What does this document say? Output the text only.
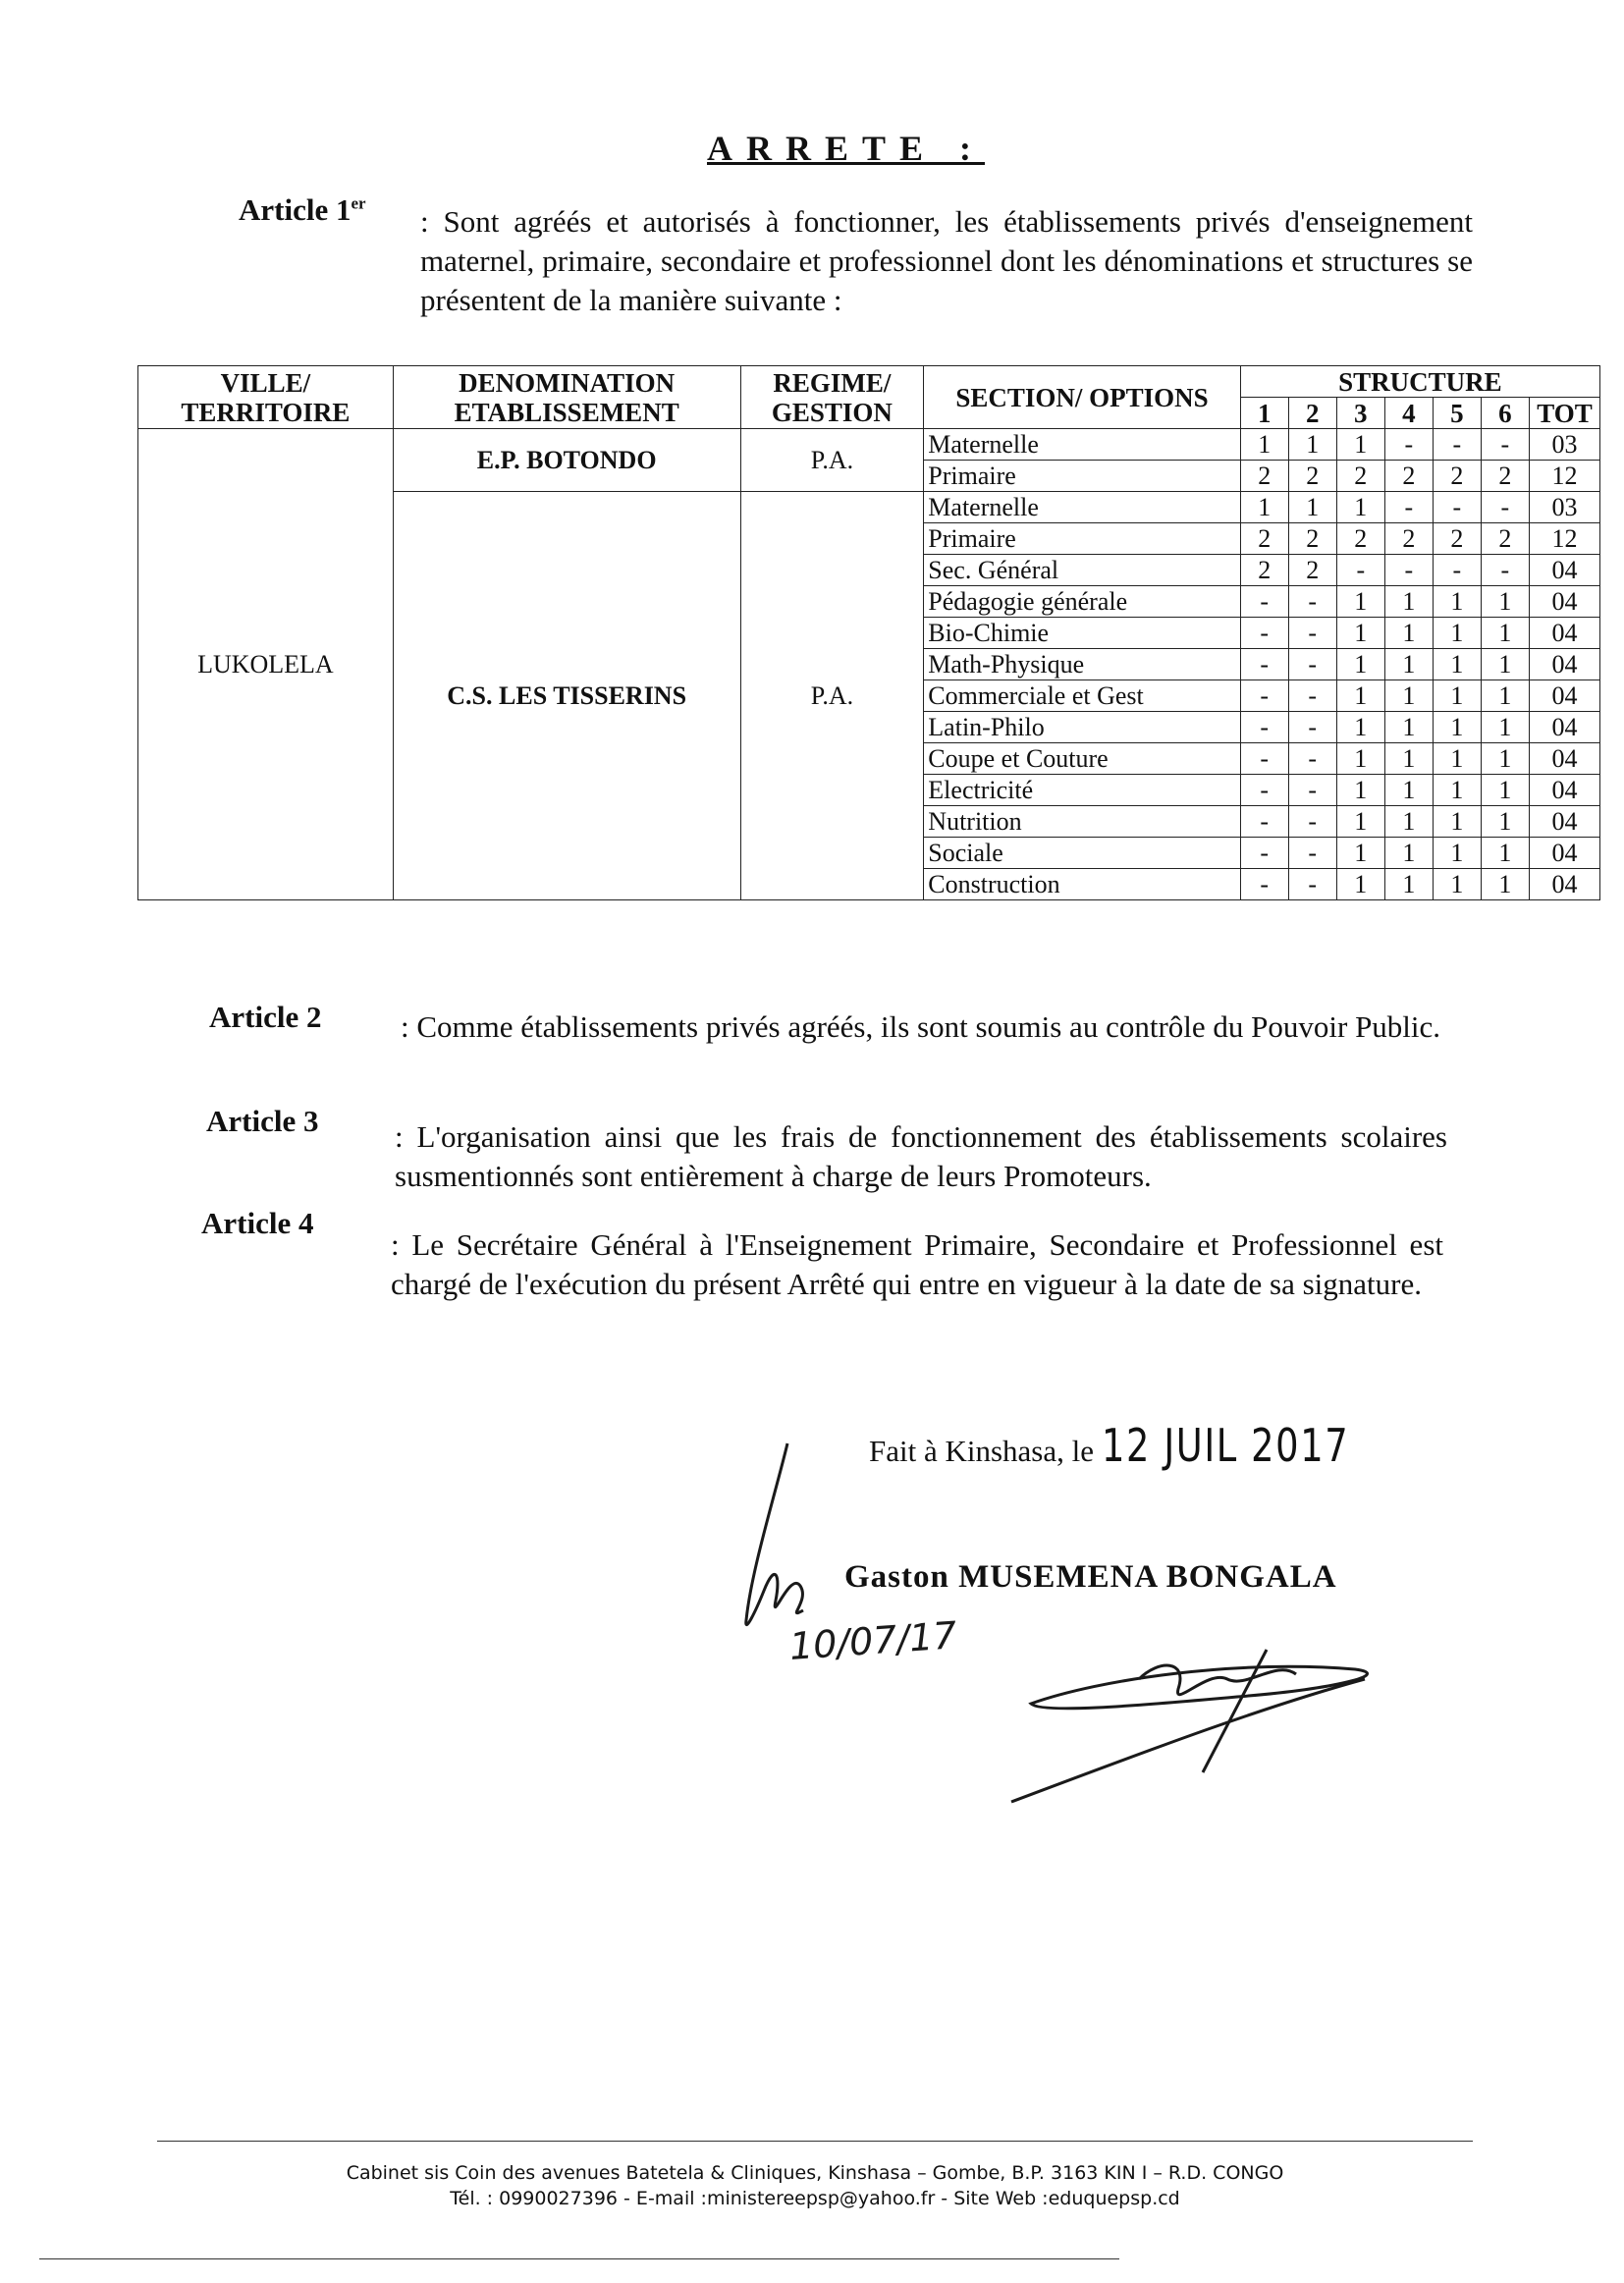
ARRETE :
Article 1er
: Sont agréés et autorisés à fonctionner, les établissements privés d'enseignement maternel, primaire, secondaire et professionnel dont les dénominations et structures se présentent de la manière suivante :
VILLE/ TERRITOIRE	DENOMINATION ETABLISSEMENT	REGIME/ GESTION	SECTION/ OPTIONS	STRUCTURE						
				1	2	3	4	5	6	TOT
LUKOLELA	E.P. BOTONDO	P.A.	Maternelle	1	1	1	-	-	-	03
			Primaire	2	2	2	2	2	2	12
	C.S. LES TISSERINS	P.A.	Maternelle	1	1	1	-	-	-	03
			Primaire	2	2	2	2	2	2	12
			Sec. Général	2	2	-	-	-	-	04
			Pédagogie générale	-	-	1	1	1	1	04
			Bio-Chimie	-	-	1	1	1	1	04
			Math-Physique	-	-	1	1	1	1	04
			Commerciale et Gest	-	-	1	1	1	1	04
			Latin-Philo	-	-	1	1	1	1	04
			Coupe et Couture	-	-	1	1	1	1	04
			Electricité	-	-	1	1	1	1	04
			Nutrition	-	-	1	1	1	1	04
			Sociale	-	-	1	1	1	1	04
			Construction	-	-	1	1	1	1	04
Article 2	: Comme établissements privés agréés, ils sont soumis au contrôle du Pouvoir Public.
Article 3	: L'organisation ainsi que les frais de fonctionnement des établissements scolaires susmentionnés sont entièrement à charge de leurs Promoteurs.
Article 4
: Le Secrétaire Général à l'Enseignement Primaire, Secondaire et Professionnel est chargé de l'exécution du présent Arrêté qui entre en vigueur à la date de sa signature.
Fait à Kinshasa, le 12 JUIL 2017
Gaston MUSEMENA BONGALA
10/07/17
Cabinet sis Coin des avenues Batetela & Cliniques, Kinshasa – Gombe, B.P. 3163 KIN I – R.D. CONGO
Tél. : 0990027396 - E-mail :ministereepsp@yahoo.fr - Site Web :eduquepsp.cd
